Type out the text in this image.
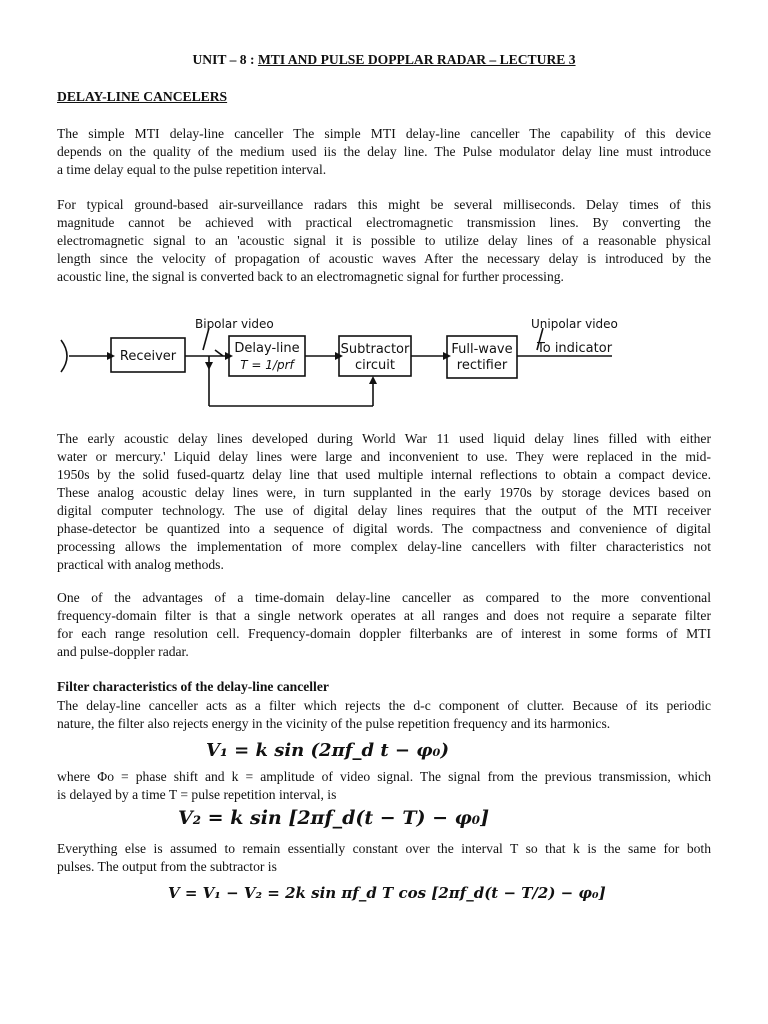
UNIT – 8 : MTI AND PULSE DOPPLAR RADAR – LECTURE 3
DELAY-LINE CANCELERS
The simple MTI delay-line canceller The simple MTI delay-line canceller The capability of this device
depends on the quality of the medium used iis the delay line. The Pulse modulator delay line must introduce
a time delay equal to the pulse repetition interval.
For typical ground-based air-surveillance radars this might be several milliseconds. Delay times of this
magnitude cannot be achieved with practical electromagnetic transmission lines. By converting the
electromagnetic signal to an 'acoustic signal it is possible to utilize delay lines of a reasonable physical
length since the velocity of propagation of acoustic waves After the necessary delay is introduced by the
acoustic line, the signal is converted back to an electromagnetic signal for further processing.
Bipolar video	Unipolar video
Receiver
Delay-line
T = 1/prf
Subtractor
circuit
Full-wave
rectifier
To indicator
The early acoustic delay lines developed during World War 11 used liquid delay lines filled with either
water or mercury.' Liquid delay lines were large and inconvenient to use. They were replaced in the mid-
1950s by the solid fused-quartz delay line that used multiple internal reflections to obtain a compact device.
These analog acoustic delay lines were, in turn supplanted in the early 1970s by storage devices based on
digital computer technology. The use of digital delay lines requires that the output of the MTI receiver
phase-detector be quantized into a sequence of digital words. The compactness and convenience of digital
processing allows the implementation of more complex delay-line cancellers with filter characteristics not
practical with analog methods.
One of the advantages of a time-domain delay-line canceller as compared to the more conventional
frequency-domain filter is that a single network operates at all ranges and does not require a separate filter
for each range resolution cell. Frequency-domain doppler filterbanks are of interest in some forms of MTI
and pulse-doppler radar.
Filter characteristics of the delay-line canceller
The delay-line canceller acts as a filter which rejects the d-c component of clutter. Because of its periodic
nature, the filter also rejects energy in the vicinity of the pulse repetition frequency and its harmonics.
V₁ = k sin (2πf_d t − φ₀)
where Φo = phase shift and k = amplitude of video signal. The signal from the previous transmission, which
is delayed by a time T = pulse repetition interval, is
V₂ = k sin [2πf_d(t − T) − φ₀]
Everything else is assumed to remain essentially constant over the interval T so that k is the same for both
pulses. The output from the subtractor is
V = V₁ − V₂ = 2k sin πf_d T cos [2πf_d(t − T/2) − φ₀]
